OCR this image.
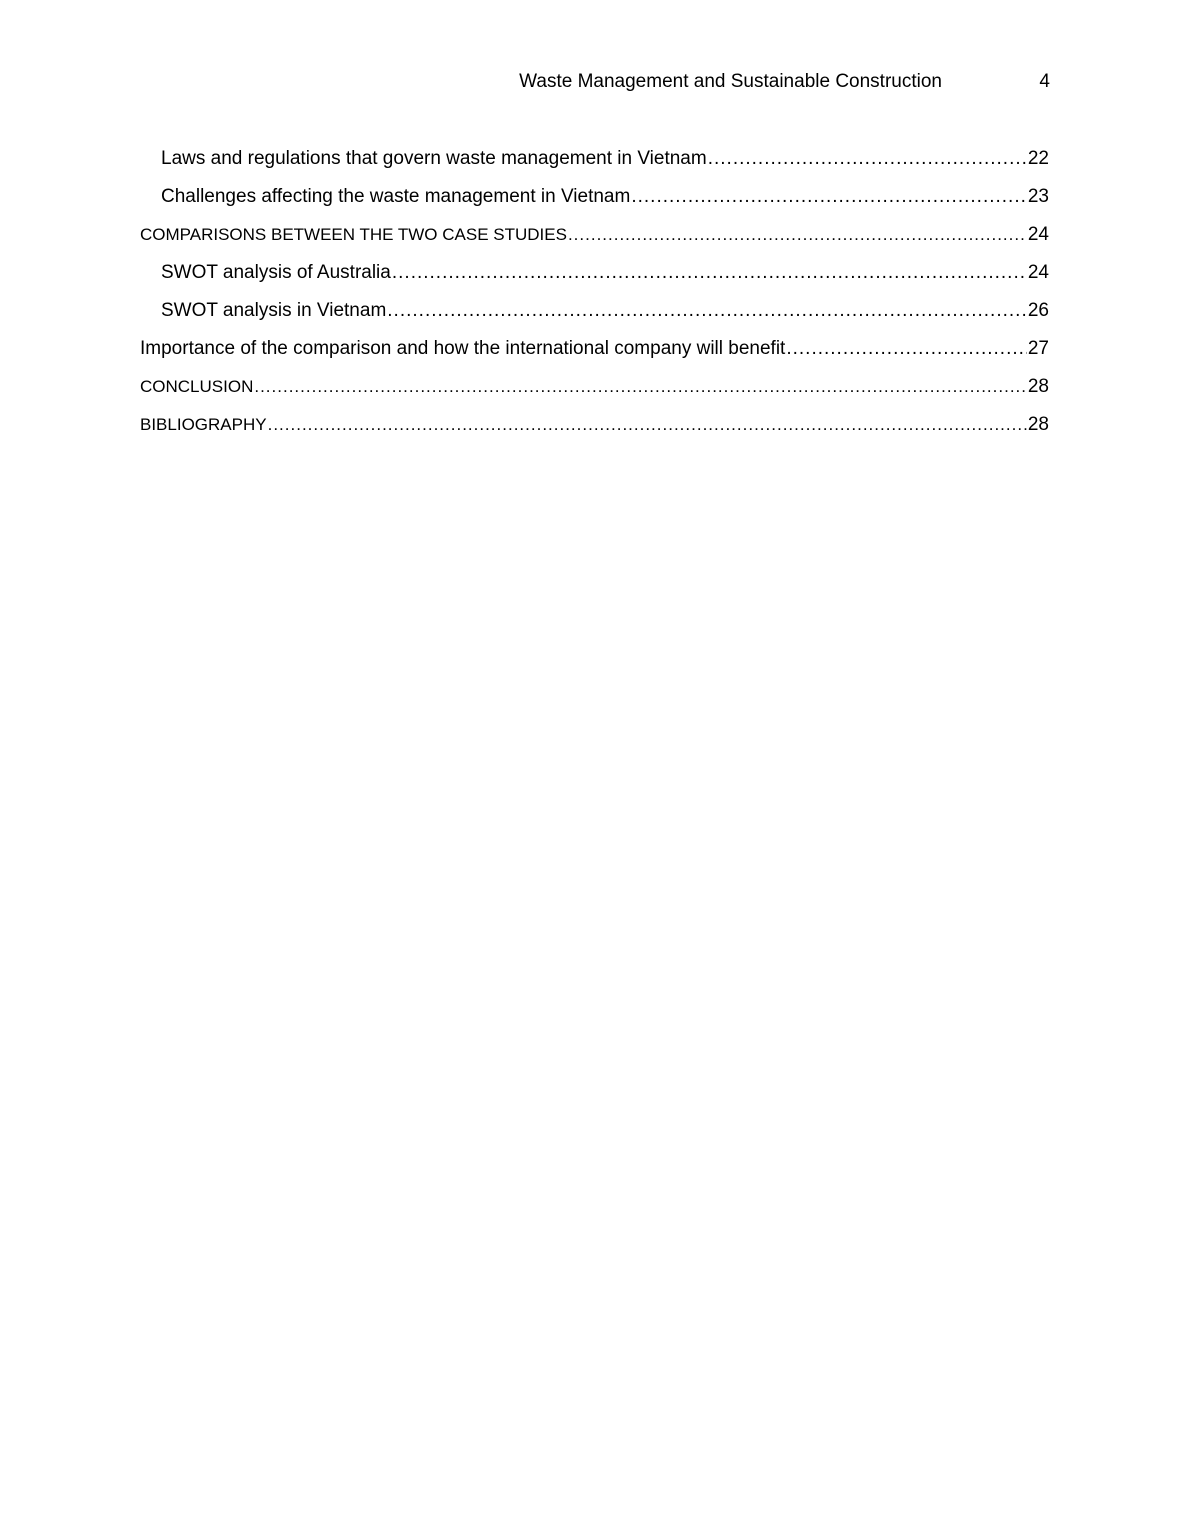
Waste Management and Sustainable Construction	4
Laws and regulations that govern waste management in Vietnam .....	22
Challenges affecting the waste management in Vietnam .....	23
COMPARISONS BETWEEN THE TWO CASE STUDIES .....	24
SWOT analysis of Australia .....	24
SWOT analysis in Vietnam .....	26
Importance of the comparison and how the international company will benefit .....	27
CONCLUSION .....	28
BIBLIOGRAPHY .....	28
